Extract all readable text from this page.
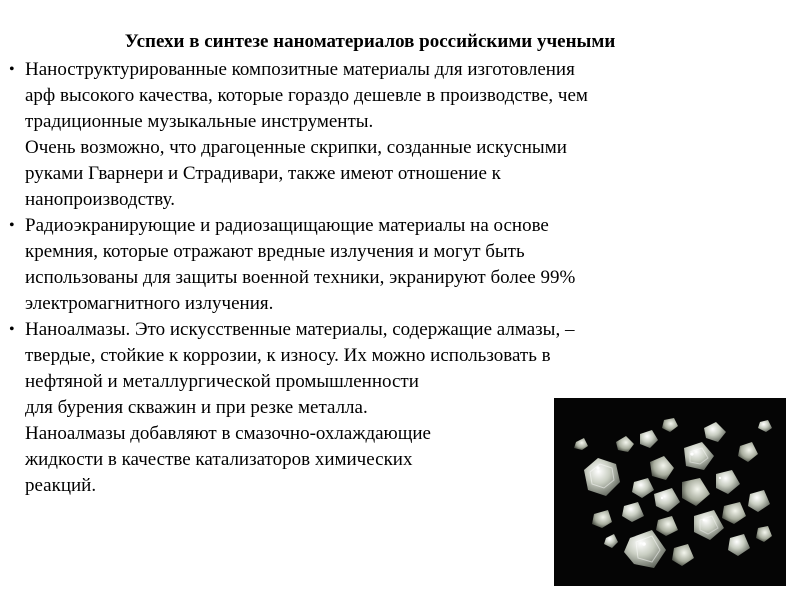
Успехи в синтезе наноматериалов российскими учеными
• Наноструктурированные композитные материалы для изготовления
арф высокого качества, которые гораздо дешевле в производстве, чем
традиционные музыкальные инструменты.
Очень возможно, что драгоценные скрипки, созданные искусными
руками Гварнери и Страдивари, также имеют отношение к
нанопроизводству.
• Радиоэкранирующие и радиозащищающие материалы на основе
кремния, которые отражают вредные излучения и могут быть
использованы для защиты военной техники, экранируют более 99%
электромагнитного излучения.
• Наноалмазы. Это искусственные материалы, содержащие алмазы, –
твердые, стойкие к коррозии, к износу. Их можно использовать в
нефтяной и металлургической промышленности
для бурения скважин и при резке металла.
Наноалмазы добавляют в смазочно-охлаждающие
жидкости в качестве катализаторов химических
реакций.
